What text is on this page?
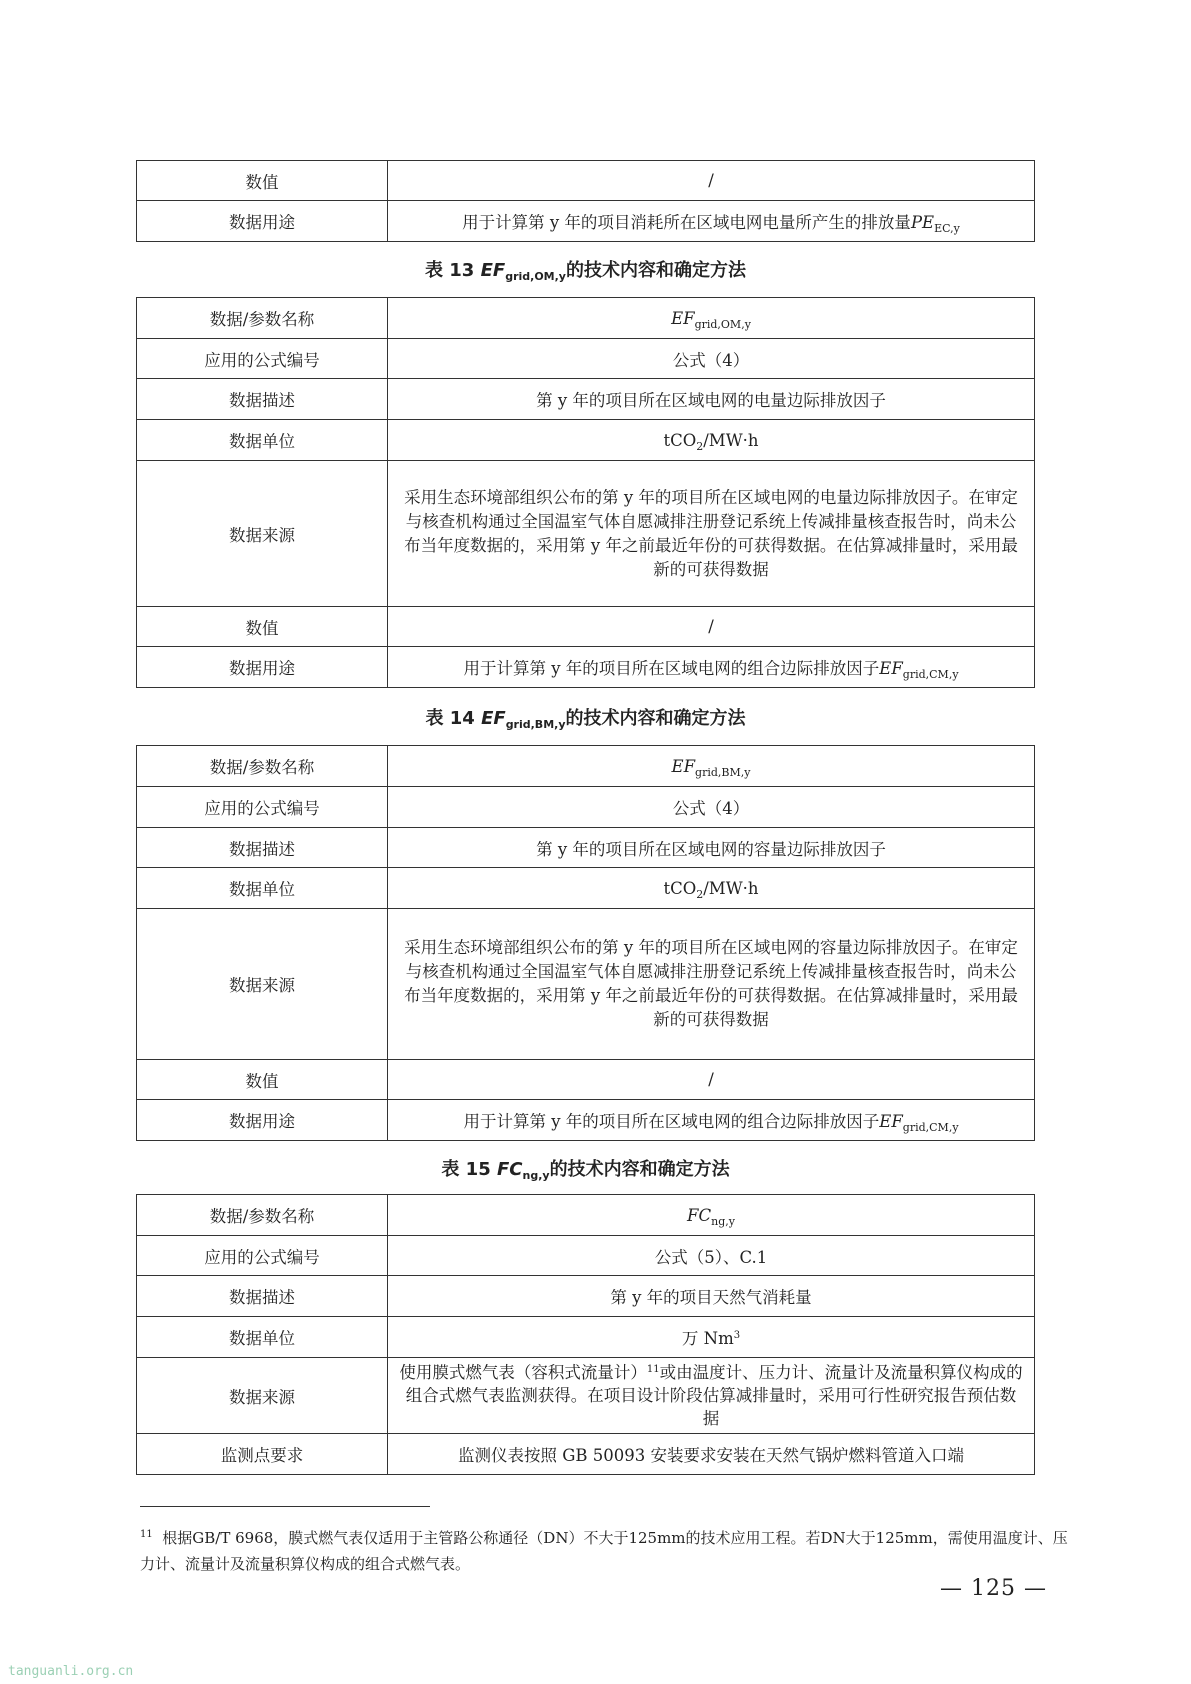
数值	/
数据用途	用于计算第 y 年的项目消耗所在区域电网电量所产生的排放量$PE_{EC,y}$
表 13 $EF_{grid,OM,y}$的技术内容和确定方法
数据/参数名称	$EF_{grid,OM,y}$
应用的公式编号	公式（4）
数据描述	第 y 年的项目所在区域电网的电量边际排放因子
数据单位	tCO$_2$/MW·h
数据来源	采用生态环境部组织公布的第 y 年的项目所在区域电网的电量边际排放因子。在审定与核查机构通过全国温室气体自愿减排注册登记系统上传减排量核查报告时，尚未公布当年度数据的，采用第 y 年之前最近年份的可获得数据。在估算减排量时，采用最新的可获得数据
数值	/
数据用途	用于计算第 y 年的项目所在区域电网的组合边际排放因子$EF_{grid,CM,y}$
表 14 $EF_{grid,BM,y}$的技术内容和确定方法
数据/参数名称	$EF_{grid,BM,y}$
应用的公式编号	公式（4）
数据描述	第 y 年的项目所在区域电网的容量边际排放因子
数据单位	tCO$_2$/MW·h
数据来源	采用生态环境部组织公布的第 y 年的项目所在区域电网的容量边际排放因子。在审定与核查机构通过全国温室气体自愿减排注册登记系统上传减排量核查报告时，尚未公布当年度数据的，采用第 y 年之前最近年份的可获得数据。在估算减排量时，采用最新的可获得数据
数值	/
数据用途	用于计算第 y 年的项目所在区域电网的组合边际排放因子$EF_{grid,CM,y}$
表 15 $FC_{ng,y}$的技术内容和确定方法
数据/参数名称	$FC_{ng,y}$
应用的公式编号	公式（5）、C.1
数据描述	第 y 年的项目天然气消耗量
数据单位	万 Nm$^3$
数据来源	使用膜式燃气表（容积式流量计）$^{11}$或由温度计、压力计、流量计及流量积算仪构成的组合式燃气表监测获得。在项目设计阶段估算减排量时，采用可行性研究报告预估数据
监测点要求	监测仪表按照 GB 50093 安装要求安装在天然气锅炉燃料管道入口端
$^{11}$ 根据GB/T 6968，膜式燃气表仅适用于主管路公称通径（DN）不大于125mm的技术应用工程。若DN大于125mm，需使用温度计、压力计、流量计及流量积算仪构成的组合式燃气表。
— 125 —
tanguanli.org.cn
